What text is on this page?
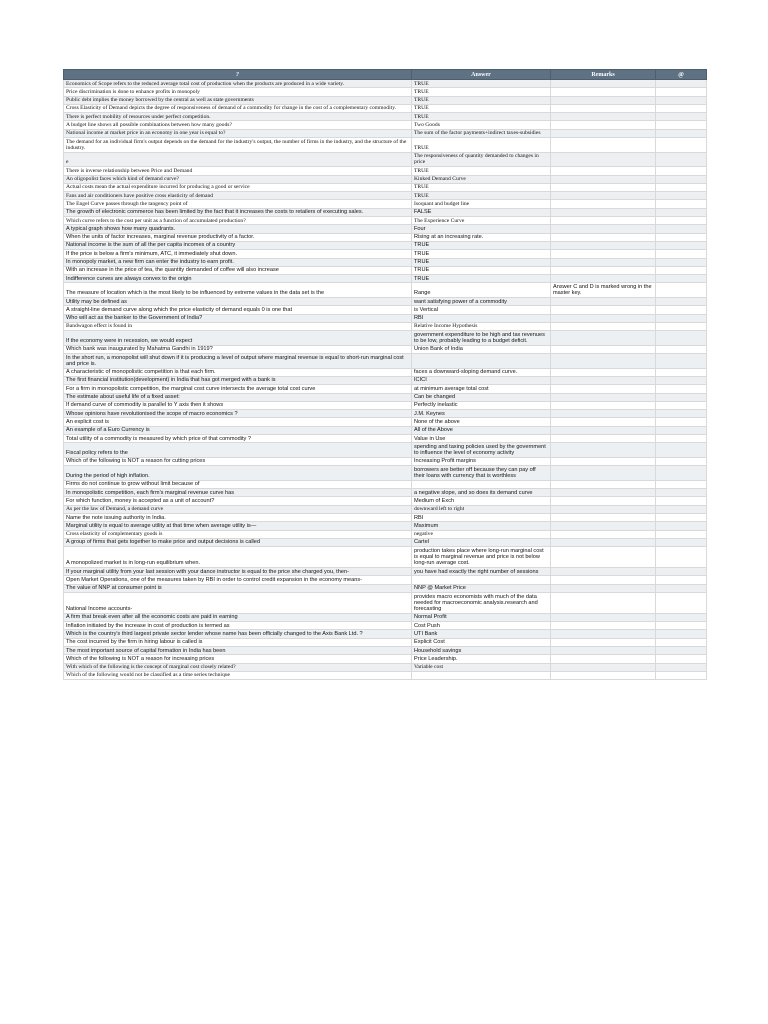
?	Answer	Remarks	@
Economics of Scope refers to the reduced average total cost of production when the products are produced in a wide variety.	TRUE		
Price discrimination is done to enhance profits in monopoly	TRUE		
Public debt implies the money borrowed by the central as well as state governments	TRUE		
Cross Elasticity of Demand depicts the degree of responsiveness of demand of a commodity for change in the cost of a complementary commodity.	TRUE		
There is perfect mobility of resources under perfect competition.	TRUE		
A budget line shows all possible combinations between how many goods?	Two Goods		
National income at market price in an economy in one year is equal to?	The sum of the factor payments+indirect taxes-subsidies		
The demand for an individual firm's output depends on the demand for the industry's output, the number of firms in the industry, and the structure of the industry.	TRUE		
e	The responsiveness of quantity demanded to changes in price		
There is inverse relationship between Price and Demand	TRUE		
An oligopolist faces which kind of demand curve?	Kinked Demand Curve		
Actual costs mean the actual expenditure incurred for producing a good or service	TRUE		
Fans and air conditioners have positive cross elasticity of demand	TRUE		
The Engel Curve passes through the tangency point of	Isoquant and budget line		
The growth of electronic commerce has been limited by the fact that it increases the costs to retailers of executing sales.	FALSE		
Which curve refers to the cost per unit as a function of accumulated production?	The Experience Curve		
A typical graph shows how many quadrants.	Four		
When the units of factor increases, marginal revenue productivity of a factor.	Rising at an increasing rate.		
National income is the sum of all the per capita incomes of a country	TRUE		
If the price is below a firm's minimum, ATC, it immediately shut down.	TRUE		
In monopoly market, a new firm can enter the industry to earn profit.	TRUE		
With an increase in the price of tea, the quantity demanded of coffee will also increase	TRUE		
Indifference curves are always convex to the origin	TRUE		
The measure of location which is the most likely to be influenced by extreme values in the data set is the	Range	Answer C and D is marked wrong in the master key.	
Utility may be defined as	want satisfying power of a commodity		
A straight-line demand curve along which the price elasticity of demand equals 0 is one that	is Vertical		
Who will act as the banker to the Government of India?	RBI		
Bandwagon effect is found in	Relative Income Hypothesis		
If the economy were in recession, we would expect	government expenditure to be high and tax revenues to be low, probably leading to a budget deficit.		
Which bank was inaugurated by Mahatma Gandhi in 1919?	Union Bank of India		
In the short run, a monopolist will shut down if it is producing a level of output where marginal revenue is equal to short-run marginal cost and price is.			
A characteristic of monopolistic competition is that each firm.	faces a downward-sloping demand curve.		
The first financial institution(development) in India that has got merged with a bank is	ICICI		
For a firm in monopolistic competition, the marginal cost curve intersects the average total cost curve	at minimum average total cost		
The estimate about useful life of a fixed asset:	Can be changed		
If demand curve of commodity is parallel to Y axis then it shows	Perfectly inelastic		
Whose opinions have revolutionised the scope of macro economics ?	J.M. Keynes		
An explicit cost is	None of the above		
An example of a Euro Currency is	All of the Above		
Total utility of a commodity is measured by which price of that commodity ?	Value in Use		
Fiscal policy refers to the	spending and taxing policies used by the government to influence the level of economy activity		
Which of the following is NOT a reason for cutting prices	Increasing Profit margins		
During the period of high inflation.	borrowers are better off because they can pay off their loans with currency that is worthless		
Firms do not continue to grow without limit because of			
In monopolistic competition, each firm's marginal revenue curve has	a negative slope, and so does its demand curve		
For which function, money is accepted as a unit of account?	Medium of Exch		
As per the law of Demand, a demand curve	downward left to right		
Name the note issuing authority in India.	RBI		
Marginal utility is equal to average utility at that time when average utility is—	Maximum		
Cross elasticity of complementary goods is	negative		
A group of firms that gets together to make price and output decisions is called	Cartel		
A monopolized market is in long-run equilibrium when.	production takes place where long-run marginal cost is equal to marginal revenue and price is not below long-run average cost.		
If your marginal utility from your last session with your dance instructor is equal to the price she charged you, then-	you have had exactly the right number of sessions		
Open Market Operations, one of the measures taken by RBI in order to control credit expansion in the economy means-			
The value of NNP at consumer point is	NNP @ Market Price		
National Income accounts-	provides macro economists with much of the data needed for macroeconomic analysis.research and forecasting		
A firm that break even after all the economic costs are paid in earning	Normal Profit		
Inflation initiated by the increase in cost of production is termed as	Cost Push		
Which is the country's third largest private sector lender whose name has been officially changed to the Axis Bank Ltd. ?	UTI Bank		
The cost incurred by the firm in hiring labour is called is	Explicit Cost		
The most important source of capital formation in India has been	Household savings		
Which of the following is NOT a reason for increasing prices	Price Leadership.		
With which of the following is the concept of marginal cost closely related?	Variable cost		
Which of the following would not be classified as a time series technique			
